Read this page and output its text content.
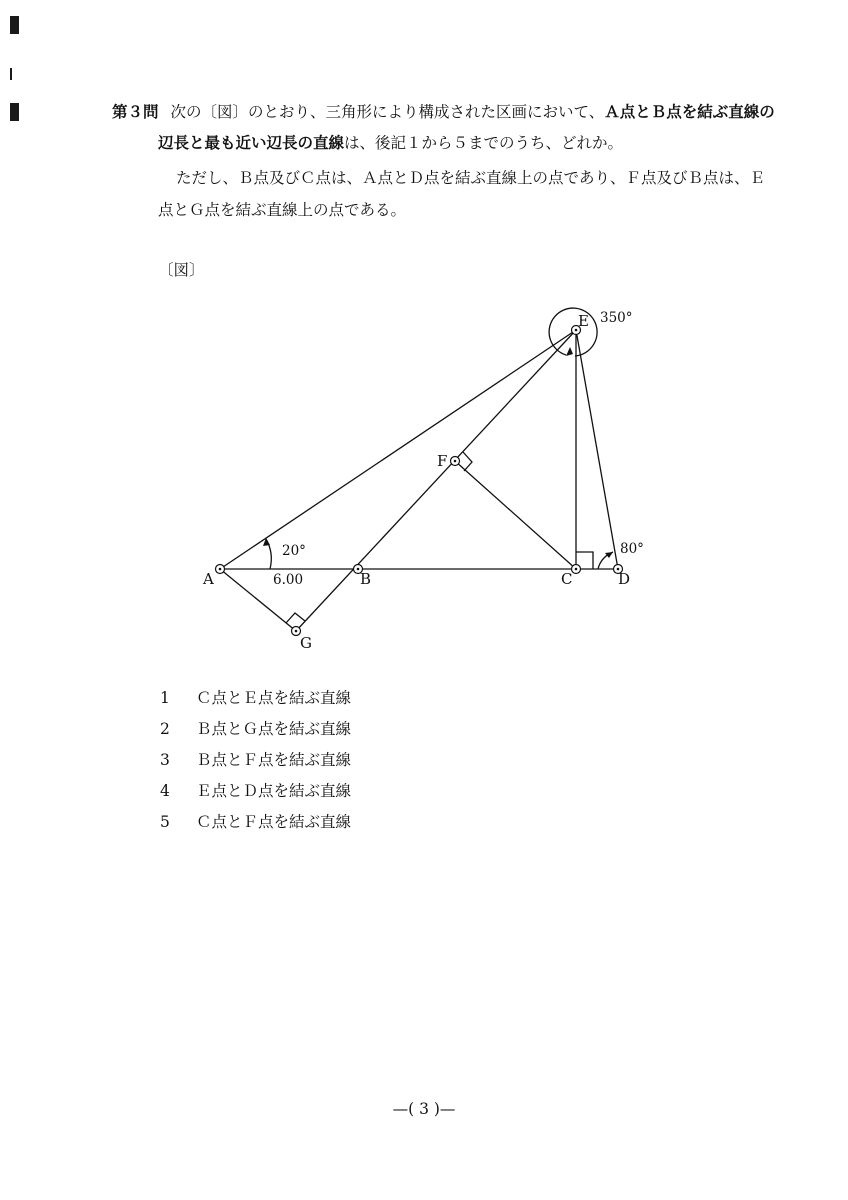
第３問 次の〔図〕のとおり、三角形により構成された区画において、Ａ点とＢ点を結ぶ直線の
辺長と最も近い辺長の直線は、後記１から５までのうち、どれか。
ただし、Ｂ点及びＣ点は、Ａ点とＤ点を結ぶ直線上の点であり、Ｆ点及びＢ点は、Ｅ
点とＧ点を結ぶ直線上の点である。
〔図〕
A	B	C	D
E
F
G
20°
350°
80°
6.00
1 Ｃ点とＥ点を結ぶ直線
2 Ｂ点とＧ点を結ぶ直線
3 Ｂ点とＦ点を結ぶ直線
4 Ｅ点とＤ点を結ぶ直線
5 Ｃ点とＦ点を結ぶ直線
—( 3 )—
